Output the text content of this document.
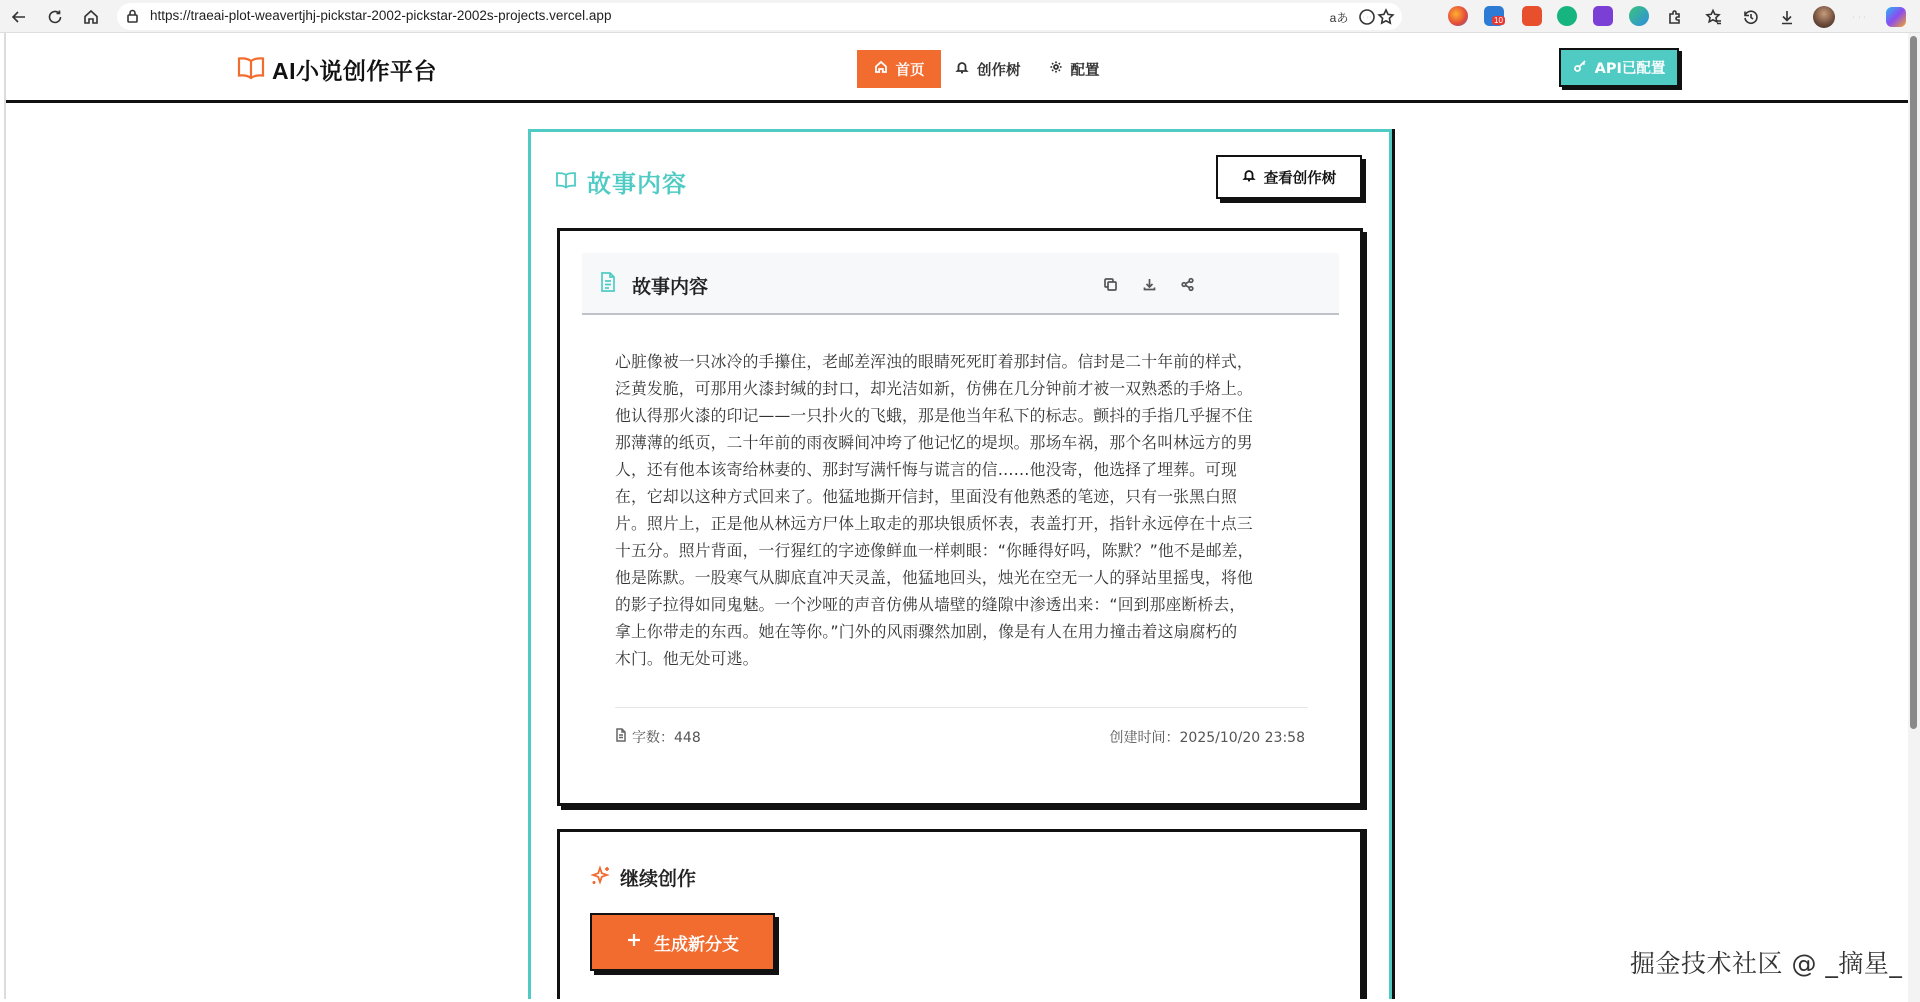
https://traeai-plot-weavertjhj-pickstar-2002-pickstar-2002s-projects.vercel.app	aあ	10
AI小说创作平台	首页	创作树	配置	API已配置
故事内容	查看创作树
故事内容
心脏像被一只冰冷的手攥住，老邮差浑浊的眼睛死死盯着那封信。信封是二十年前的样式，
泛黄发脆，可那用火漆封缄的封口，却光洁如新，仿佛在几分钟前才被一双熟悉的手烙上。
他认得那火漆的印记——一只扑火的飞蛾，那是他当年私下的标志。颤抖的手指几乎握不住
那薄薄的纸页，二十年前的雨夜瞬间冲垮了他记忆的堤坝。那场车祸，那个名叫林远方的男
人，还有他本该寄给林妻的、那封写满忏悔与谎言的信……他没寄，他选择了埋葬。可现
在，它却以这种方式回来了。他猛地撕开信封，里面没有他熟悉的笔迹，只有一张黑白照
片。照片上，正是他从林远方尸体上取走的那块银质怀表，表盖打开，指针永远停在十点三
十五分。照片背面，一行猩红的字迹像鲜血一样刺眼：“你睡得好吗，陈默？”他不是邮差，
他是陈默。一股寒气从脚底直冲天灵盖，他猛地回头，烛光在空无一人的驿站里摇曳，将他
的影子拉得如同鬼魅。一个沙哑的声音仿佛从墙壁的缝隙中渗透出来：“回到那座断桥去，
拿上你带走的东西。她在等你。”门外的风雨骤然加剧，像是有人在用力撞击着这扇腐朽的
木门。他无处可逃。
字数：448	创建时间：2025/10/20 23:58
继续创作
生成新分支
掘金技术社区 @ _摘星_
